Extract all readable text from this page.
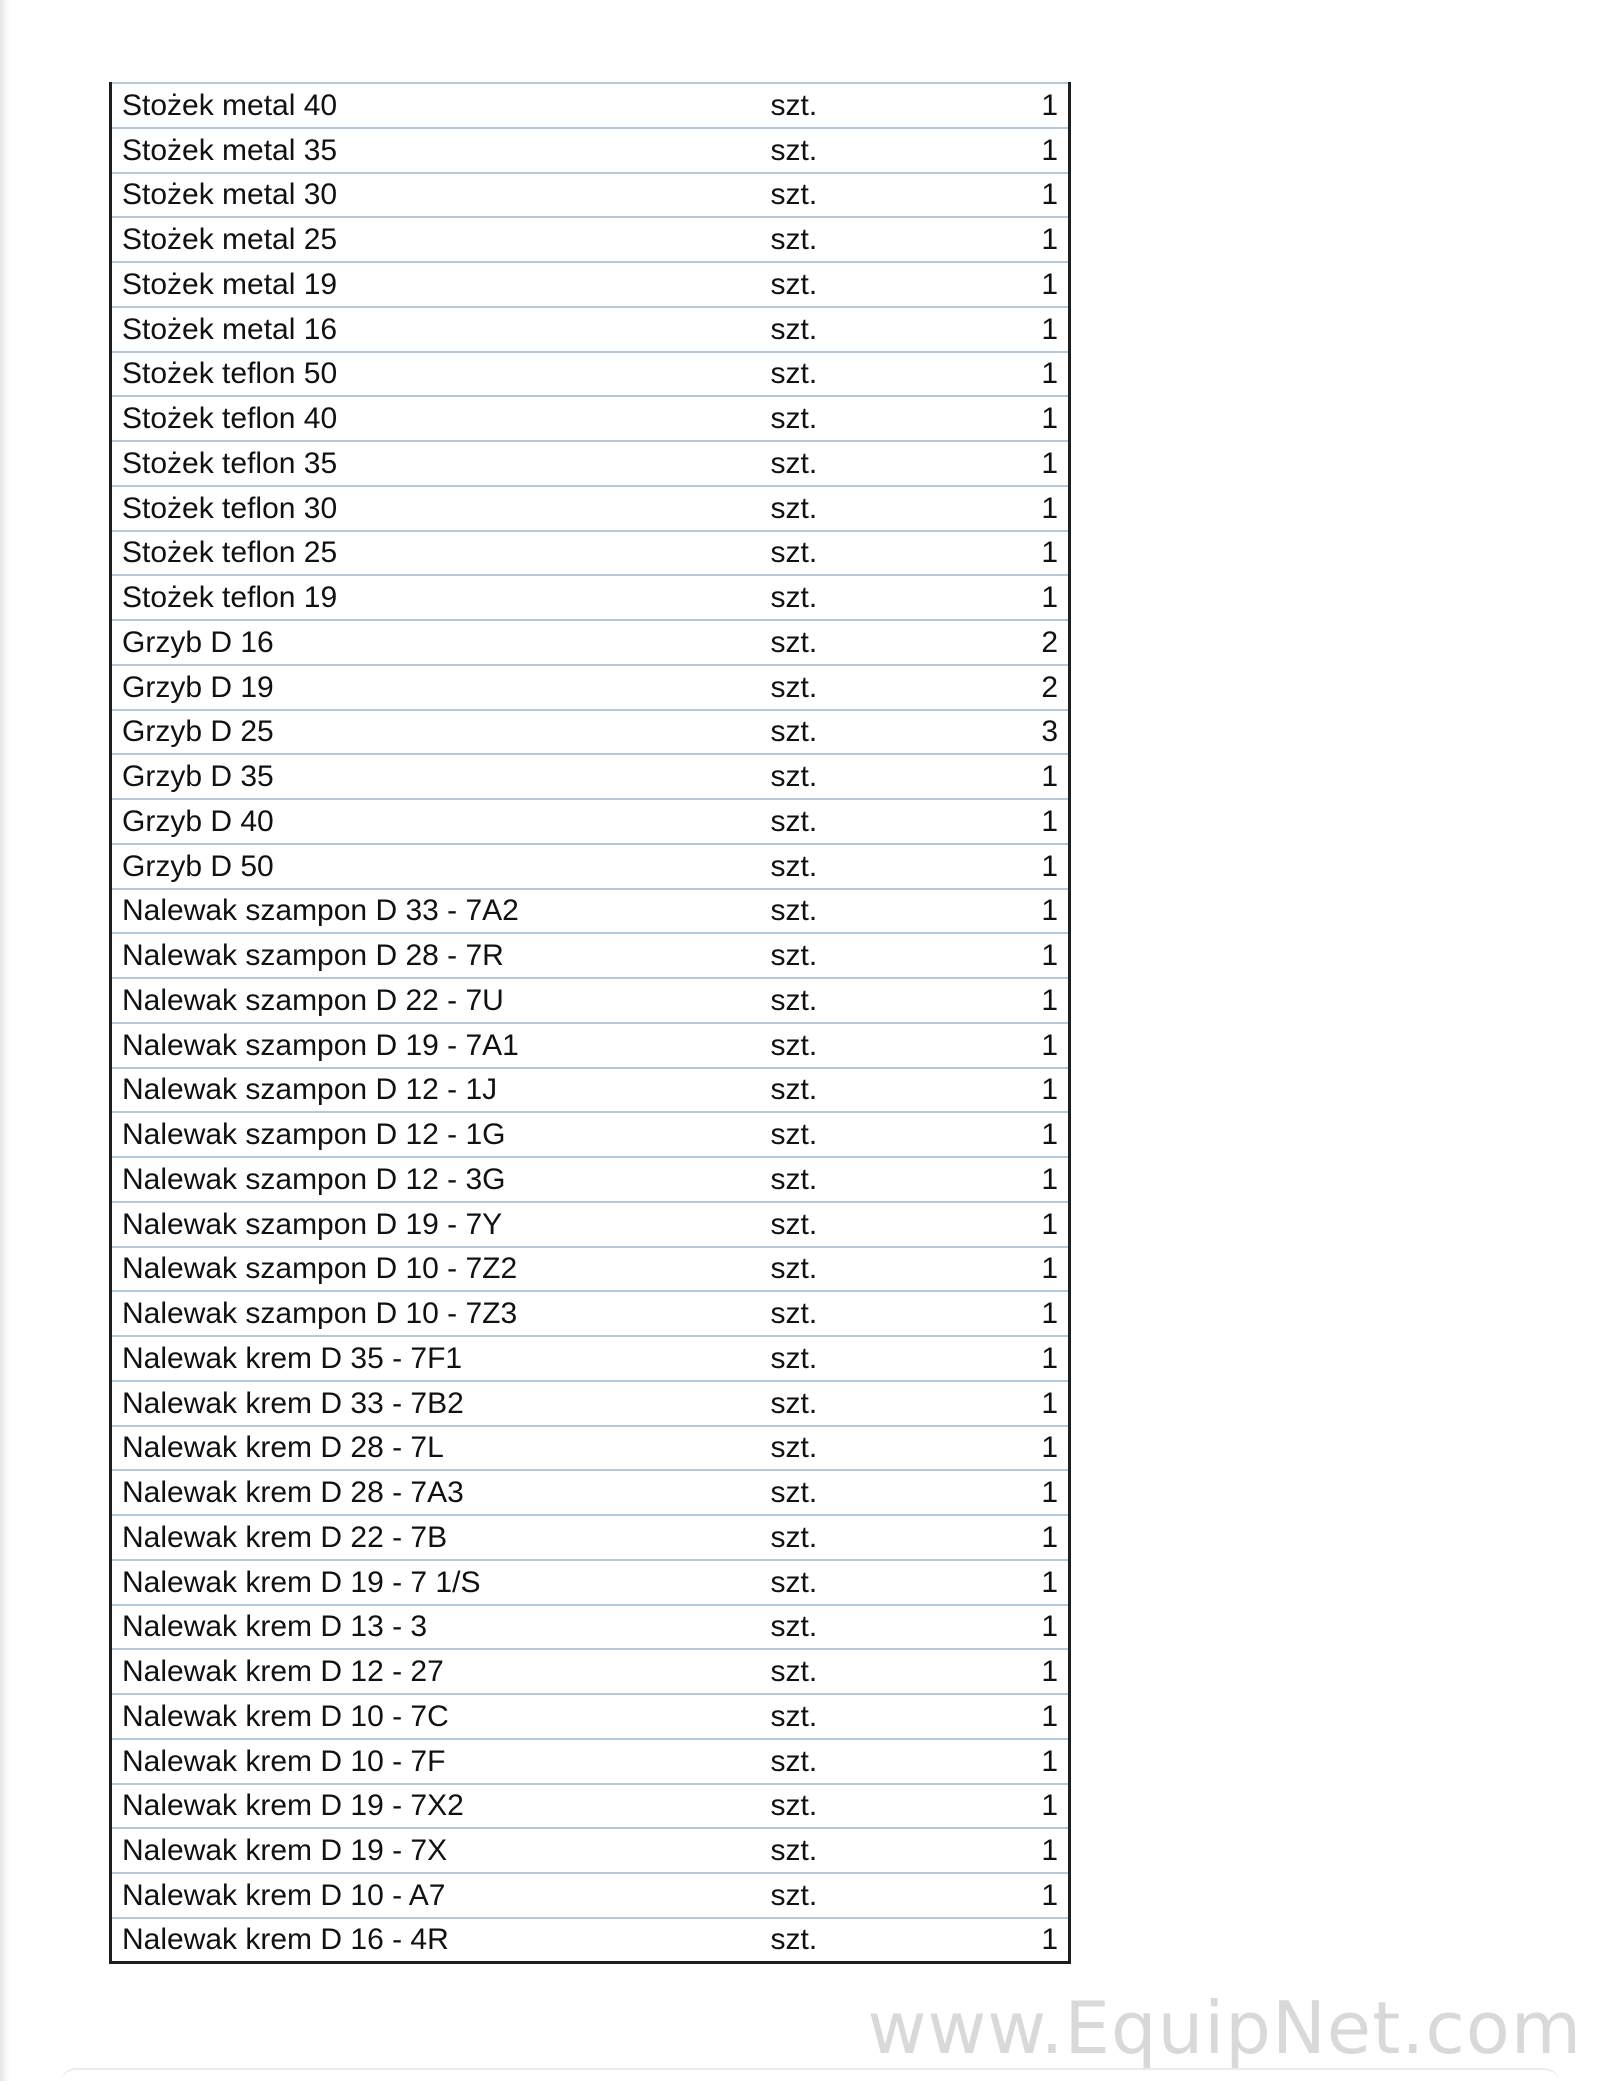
Stożek metal 40	szt.	1
Stożek metal 35	szt.	1
Stożek metal 30	szt.	1
Stożek metal 25	szt.	1
Stożek metal 19	szt.	1
Stożek metal 16	szt.	1
Stożek teflon 50	szt.	1
Stożek teflon 40	szt.	1
Stożek teflon 35	szt.	1
Stożek teflon 30	szt.	1
Stożek teflon 25	szt.	1
Stożek teflon 19	szt.	1
Grzyb D 16	szt.	2
Grzyb D 19	szt.	2
Grzyb D 25	szt.	3
Grzyb D 35	szt.	1
Grzyb D 40	szt.	1
Grzyb D 50	szt.	1
Nalewak szampon D 33 - 7A2	szt.	1
Nalewak szampon D 28 - 7R	szt.	1
Nalewak szampon D 22 - 7U	szt.	1
Nalewak szampon D 19 - 7A1	szt.	1
Nalewak szampon D 12 - 1J	szt.	1
Nalewak szampon D 12 - 1G	szt.	1
Nalewak szampon D 12 - 3G	szt.	1
Nalewak szampon D 19 - 7Y	szt.	1
Nalewak szampon D 10 - 7Z2	szt.	1
Nalewak szampon D 10 - 7Z3	szt.	1
Nalewak krem D 35 - 7F1	szt.	1
Nalewak krem D 33 - 7B2	szt.	1
Nalewak krem D 28 - 7L	szt.	1
Nalewak krem D 28 - 7A3	szt.	1
Nalewak krem D 22 - 7B	szt.	1
Nalewak krem D 19 - 7 1/S	szt.	1
Nalewak krem D 13 - 3	szt.	1
Nalewak krem D 12 - 27	szt.	1
Nalewak krem D 10 - 7C	szt.	1
Nalewak krem D 10 - 7F	szt.	1
Nalewak krem D 19 - 7X2	szt.	1
Nalewak krem D 19 - 7X	szt.	1
Nalewak krem D 10 - A7	szt.	1
Nalewak krem D 16 - 4R	szt.	1
www.EquipNet.com
